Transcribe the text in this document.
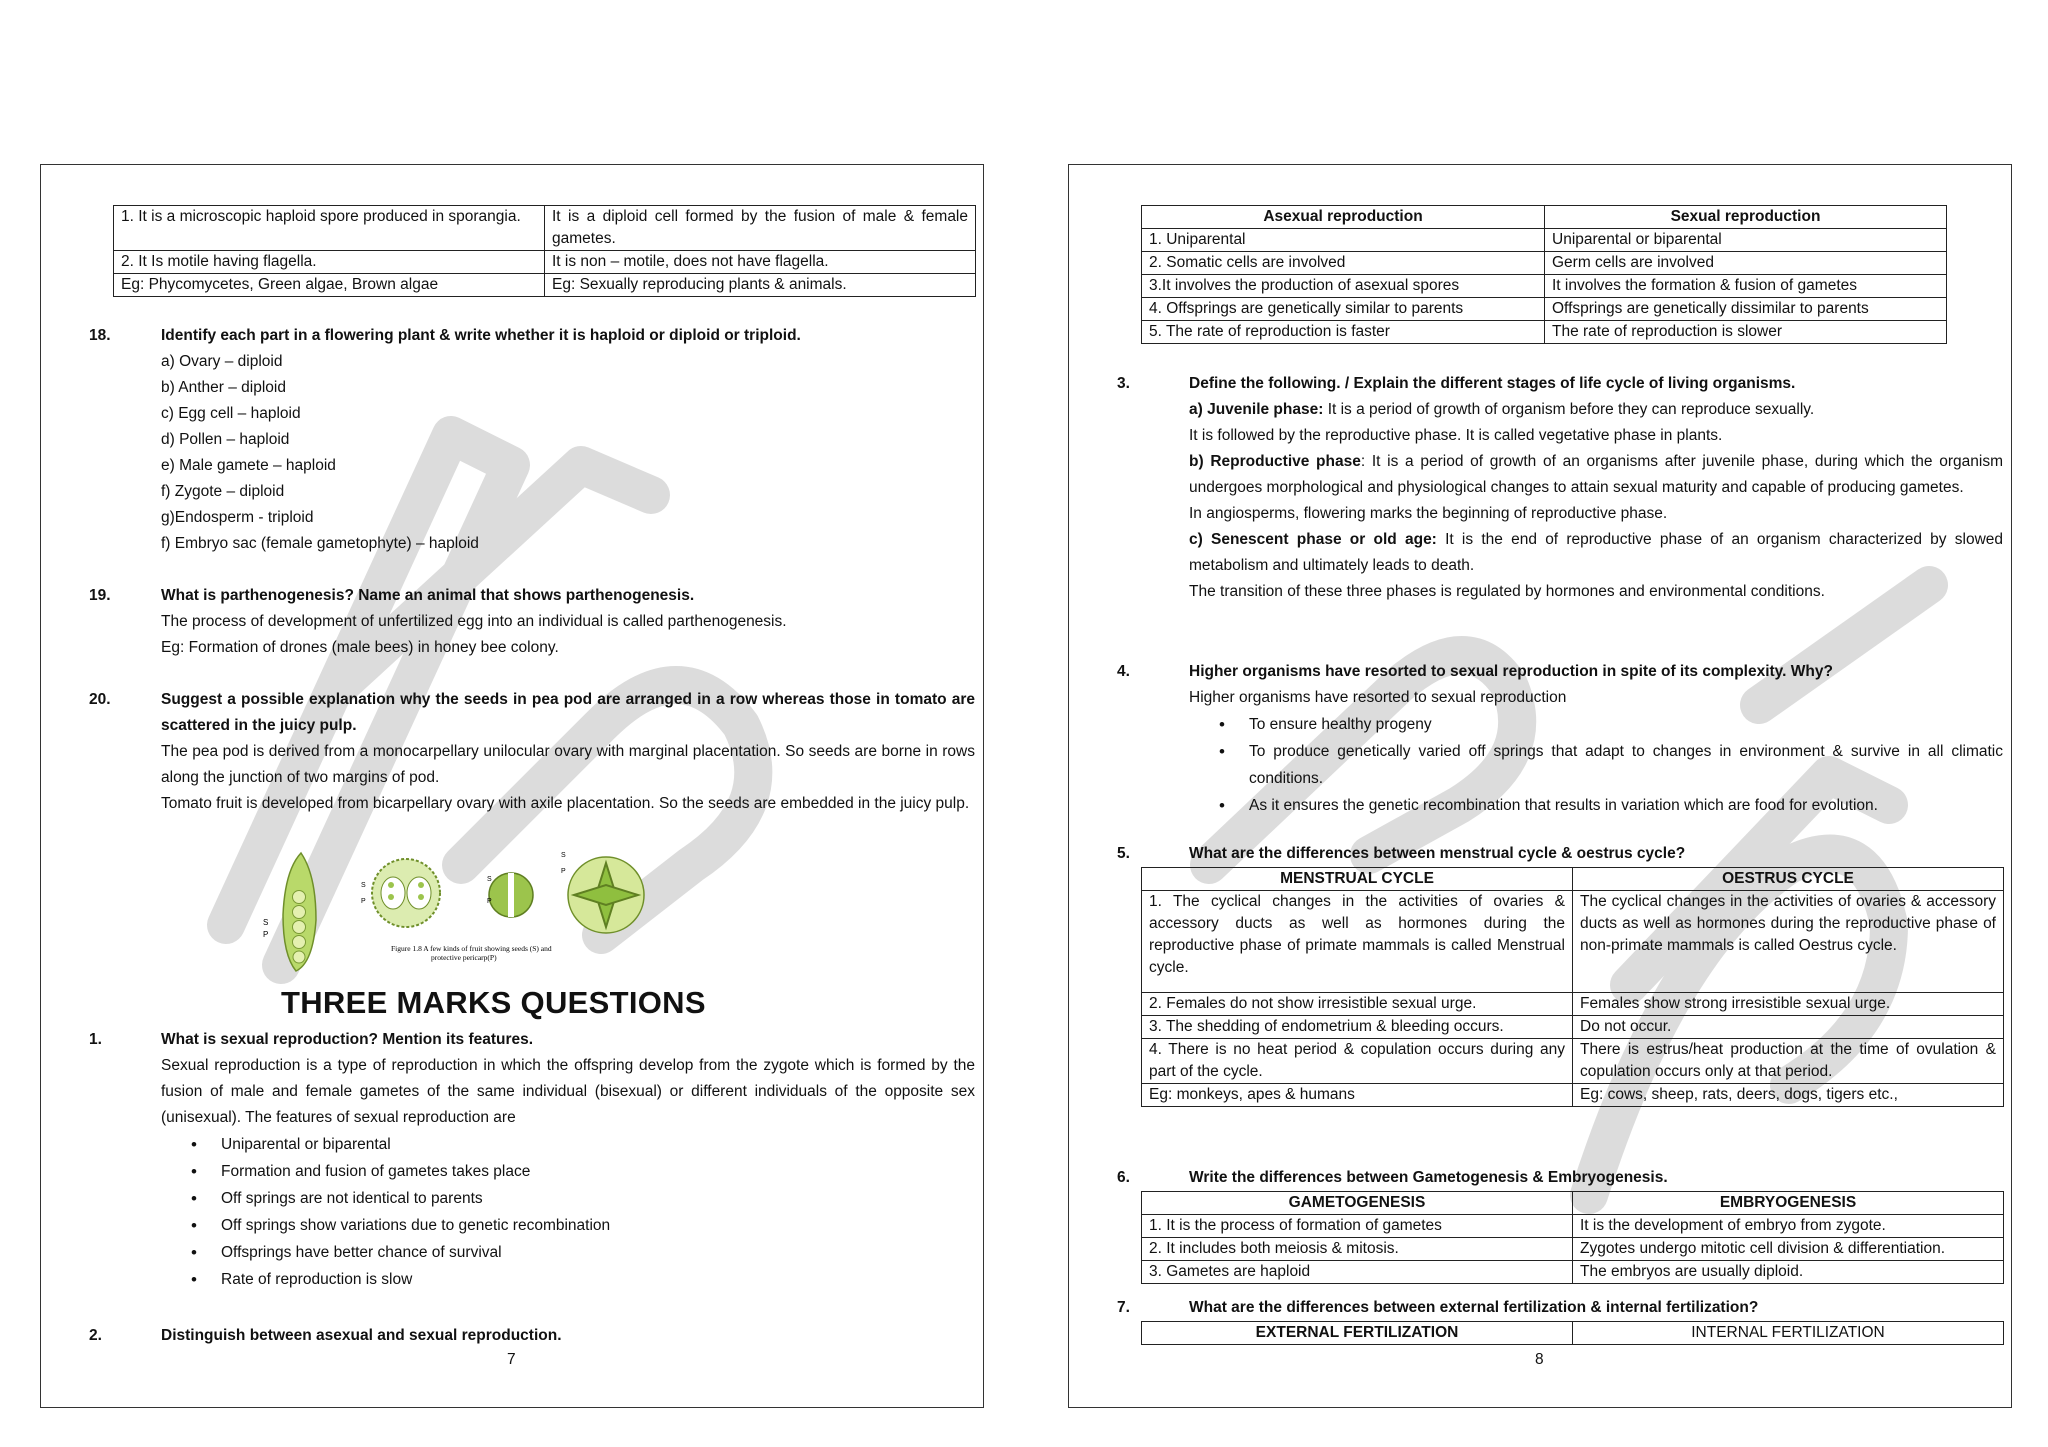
1. It is a microscopic haploid spore produced in sporangia.	It is a diploid cell formed by the fusion of male & female gametes.
2. It Is motile having flagella.	It is non – motile, does not have flagella.
Eg: Phycomycetes, Green algae, Brown algae	Eg: Sexually reproducing plants & animals.
18.	Identify each part in a flowering plant & write whether it is haploid or diploid or triploid.
a) Ovary – diploid
b) Anther – diploid
c) Egg cell – haploid
d) Pollen – haploid
e) Male gamete – haploid
f) Zygote – diploid
g)Endosperm - triploid
f) Embryo sac (female gametophyte) – haploid
19.	What is parthenogenesis? Name an animal that shows parthenogenesis.
The process of development of unfertilized egg into an individual is called parthenogenesis.
Eg: Formation of drones (male bees) in honey bee colony.
20.	Suggest a possible explanation why the seeds in pea pod are arranged in a row whereas those in tomato are scattered in the juicy pulp.
The pea pod is derived from a monocarpellary unilocular ovary with marginal placentation. So seeds are borne in rows along the junction of two margins of pod.
Tomato fruit is developed from bicarpellary ovary with axile placentation. So the seeds are embedded in the juicy pulp.
S
P
S
P
S
P
S
P
Figure 1.8 A few kinds of fruit showing seeds (S) and
protective pericarp(P)
THREE MARKS QUESTIONS
1.	What is sexual reproduction? Mention its features.
Sexual reproduction is a type of reproduction in which the offspring develop from the zygote which is formed by the fusion of male and female gametes of the same individual (bisexual) or different individuals of the opposite sex (unisexual). The features of sexual reproduction are
• Uniparental or biparental
• Formation and fusion of gametes takes place
• Off springs are not identical to parents
• Off springs show variations due to genetic recombination
• Offsprings have better chance of survival
• Rate of reproduction is slow
2.	Distinguish between asexual and sexual reproduction.
7
Asexual reproduction	Sexual reproduction
1. Uniparental	Uniparental or biparental
2. Somatic cells are involved	Germ cells are involved
3.It involves the production of asexual spores	It involves the formation & fusion of gametes
4. Offsprings are genetically similar to parents	Offsprings are genetically dissimilar to parents
5. The rate of reproduction is faster	The rate of reproduction is slower
3.	Define the following. / Explain the different stages of life cycle of living organisms.
a) Juvenile phase: It is a period of growth of organism before they can reproduce sexually.
It is followed by the reproductive phase. It is called vegetative phase in plants.
b) Reproductive phase: It is a period of growth of an organisms after juvenile phase, during which the organism undergoes morphological and physiological changes to attain sexual maturity and capable of producing gametes.
In angiosperms, flowering marks the beginning of reproductive phase.
c) Senescent phase or old age: It is the end of reproductive phase of an organism characterized by slowed metabolism and ultimately leads to death.
The transition of these three phases is regulated by hormones and environmental conditions.
4.	Higher organisms have resorted to sexual reproduction in spite of its complexity. Why?
Higher organisms have resorted to sexual reproduction
• To ensure healthy progeny
• To produce genetically varied off springs that adapt to changes in environment & survive in all climatic conditions.
• As it ensures the genetic recombination that results in variation which are food for evolution.
5.	What are the differences between menstrual cycle & oestrus cycle?
MENSTRUAL CYCLE	OESTRUS CYCLE
1. The cyclical changes in the activities of ovaries & accessory ducts as well as hormones during the reproductive phase of primate mammals is called Menstrual cycle.	The cyclical changes in the activities of ovaries & accessory ducts as well as hormones during the reproductive phase of non-primate mammals is called Oestrus cycle.
2. Females do not show irresistible sexual urge.	Females show strong irresistible sexual urge.
3. The shedding of endometrium & bleeding occurs.	Do not occur.
4. There is no heat period & copulation occurs during any part of the cycle.	There is estrus/heat production at the time of ovulation & copulation occurs only at that period.
Eg: monkeys, apes & humans	Eg: cows, sheep, rats, deers, dogs, tigers etc.,
6.	Write the differences between Gametogenesis & Embryogenesis.
GAMETOGENESIS	EMBRYOGENESIS
1. It is the process of formation of gametes	It is the development of embryo from zygote.
2. It includes both meiosis & mitosis.	Zygotes undergo mitotic cell division & differentiation.
3. Gametes are haploid	The embryos are usually diploid.
7.	What are the differences between external fertilization & internal fertilization?
EXTERNAL FERTILIZATION	INTERNAL FERTILIZATION
8
